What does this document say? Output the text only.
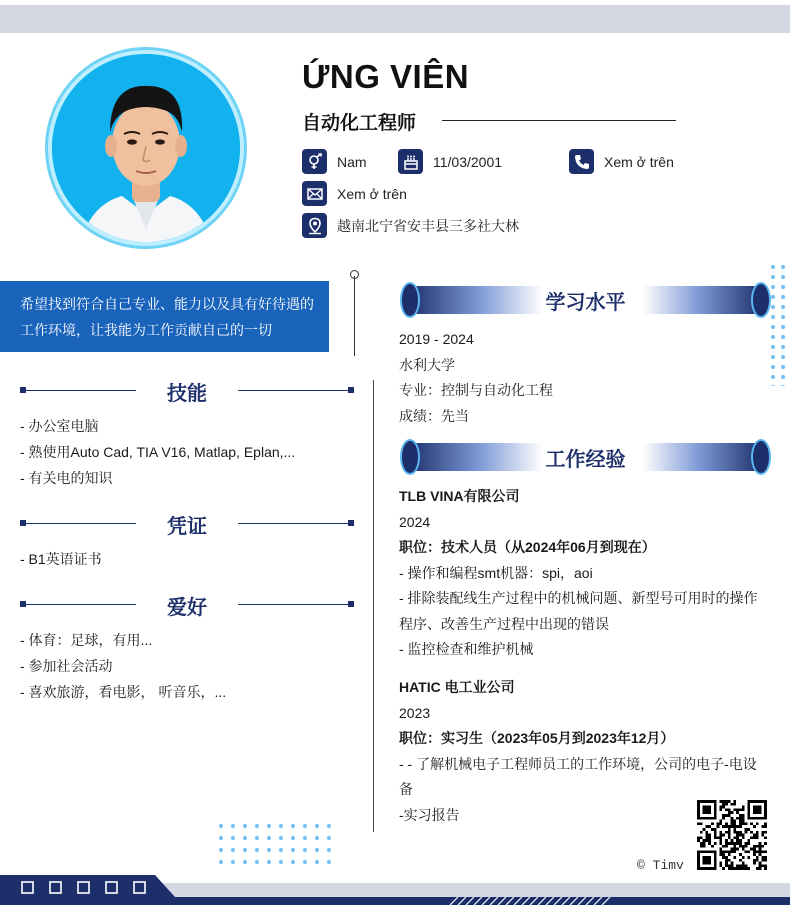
ỨNG VIÊN
自动化工程师
Nam	11/03/2001	Xem ở trên
Xem ở trên
越南北宁省安丰县三多社大林
希望找到符合自己专业、能力以及具有好待遇的
工作环境，让我能为工作贡献自己的一切
技能
- 办公室电脑
- 熟使用Auto Cad, TIA V16, Matlap, Eplan,...
- 有关电的知识
凭证
- B1英语证书
爱好
- 体育：足球，有用...
- 参加社会活动
- 喜欢旅游，看电影， 听音乐，...
学习水平
2019 - 2024
水利大学
专业：控制与自动化工程
成绩：先当
工作经验
TLB VINA有限公司
2024
职位：技术人员（从2024年06月到现在）
- 操作和编程smt机器：spi，aoi
- 排除装配线生产过程中的机械问题、新型号可用时的操作
程序、改善生产过程中出现的错误
- 监控检查和维护机械
HATIC 电工业公司
2023
职位：实习生（2023年05月到2023年12月）
- - 了解机械电子工程师员工的工作环境，公司的电子-电设
备
-实习报告
© Timv
